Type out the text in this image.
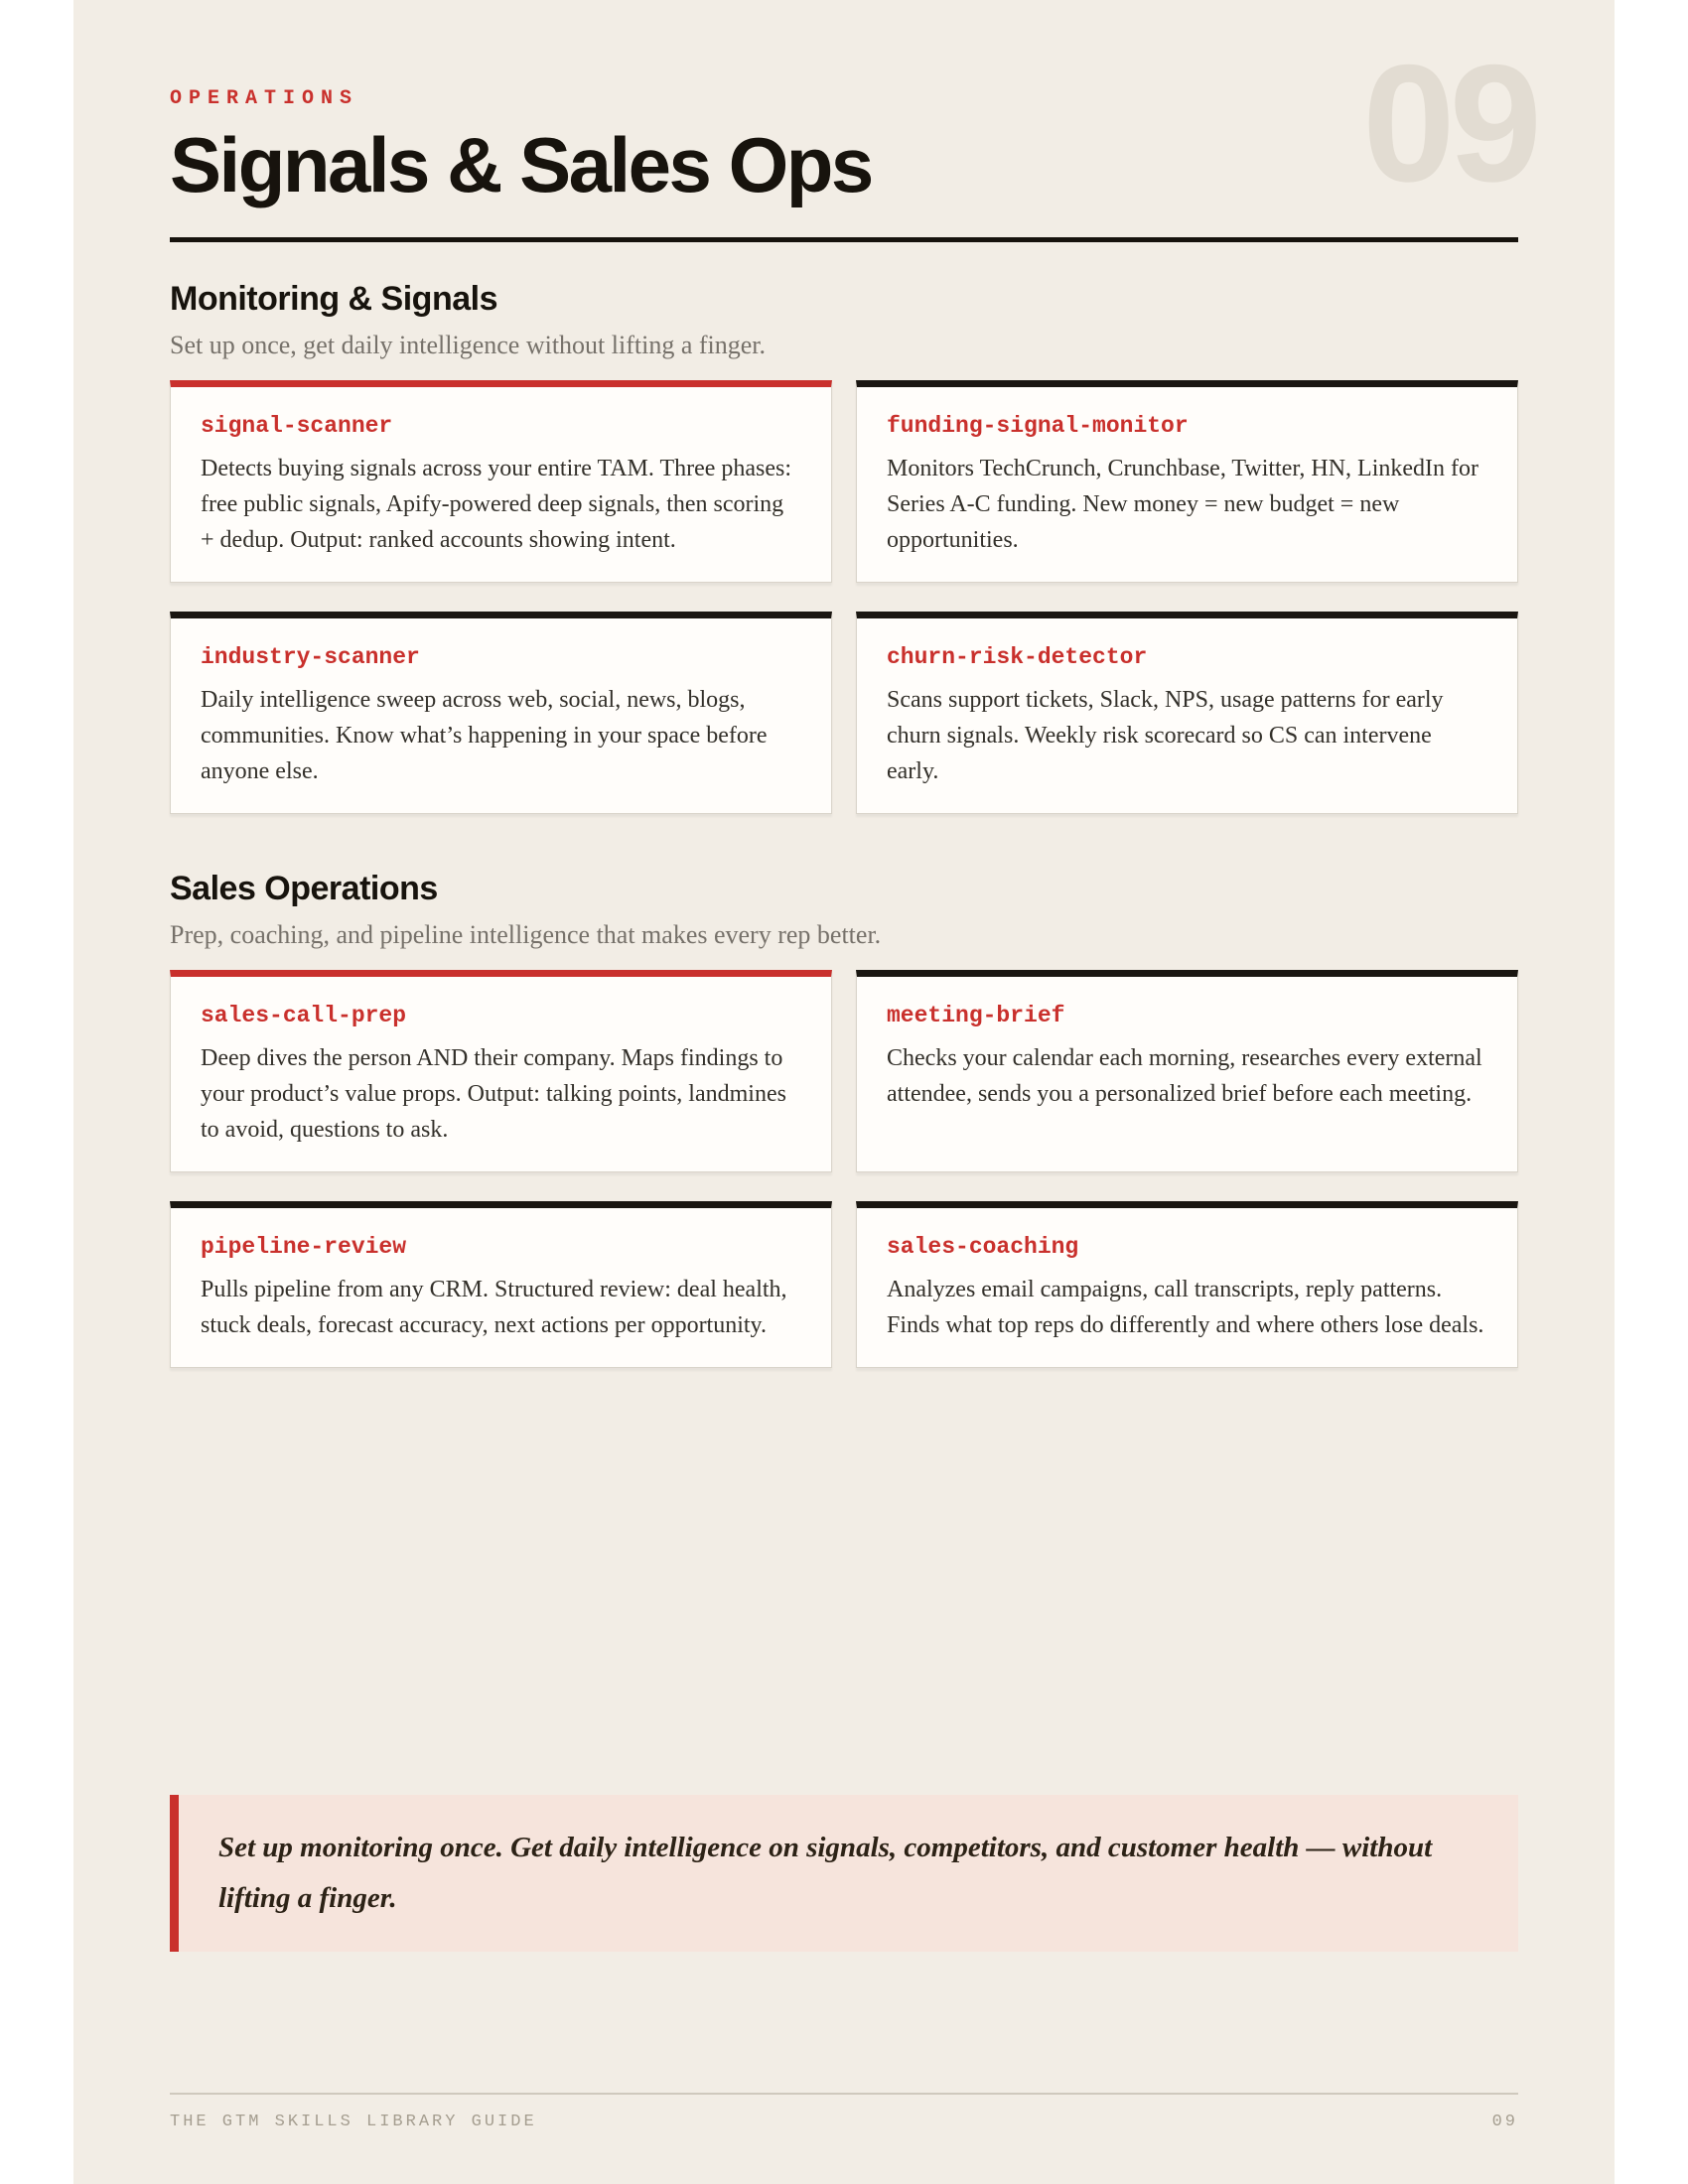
OPERATIONS	09
Signals & Sales Ops
Monitoring & Signals
Set up once, get daily intelligence without lifting a finger.
signal-scanner
Detects buying signals across your entire TAM. Three phases: free public signals, Apify-powered deep signals, then scoring + dedup. Output: ranked accounts showing intent.
funding-signal-monitor
Monitors TechCrunch, Crunchbase, Twitter, HN, LinkedIn for Series A-C funding. New money = new budget = new opportunities.
industry-scanner
Daily intelligence sweep across web, social, news, blogs, communities. Know what’s happening in your space before anyone else.
churn-risk-detector
Scans support tickets, Slack, NPS, usage patterns for early churn signals. Weekly risk scorecard so CS can intervene early.
Sales Operations
Prep, coaching, and pipeline intelligence that makes every rep better.
sales-call-prep
Deep dives the person AND their company. Maps findings to your product’s value props. Output: talking points, landmines to avoid, questions to ask.
meeting-brief
Checks your calendar each morning, researches every external attendee, sends you a personalized brief before each meeting.
pipeline-review
Pulls pipeline from any CRM. Structured review: deal health, stuck deals, forecast accuracy, next actions per opportunity.
sales-coaching
Analyzes email campaigns, call transcripts, reply patterns. Finds what top reps do differently and where others lose deals.
Set up monitoring once. Get daily intelligence on signals, competitors, and customer health — without lifting a finger.
THE GTM SKILLS LIBRARY GUIDE	09
